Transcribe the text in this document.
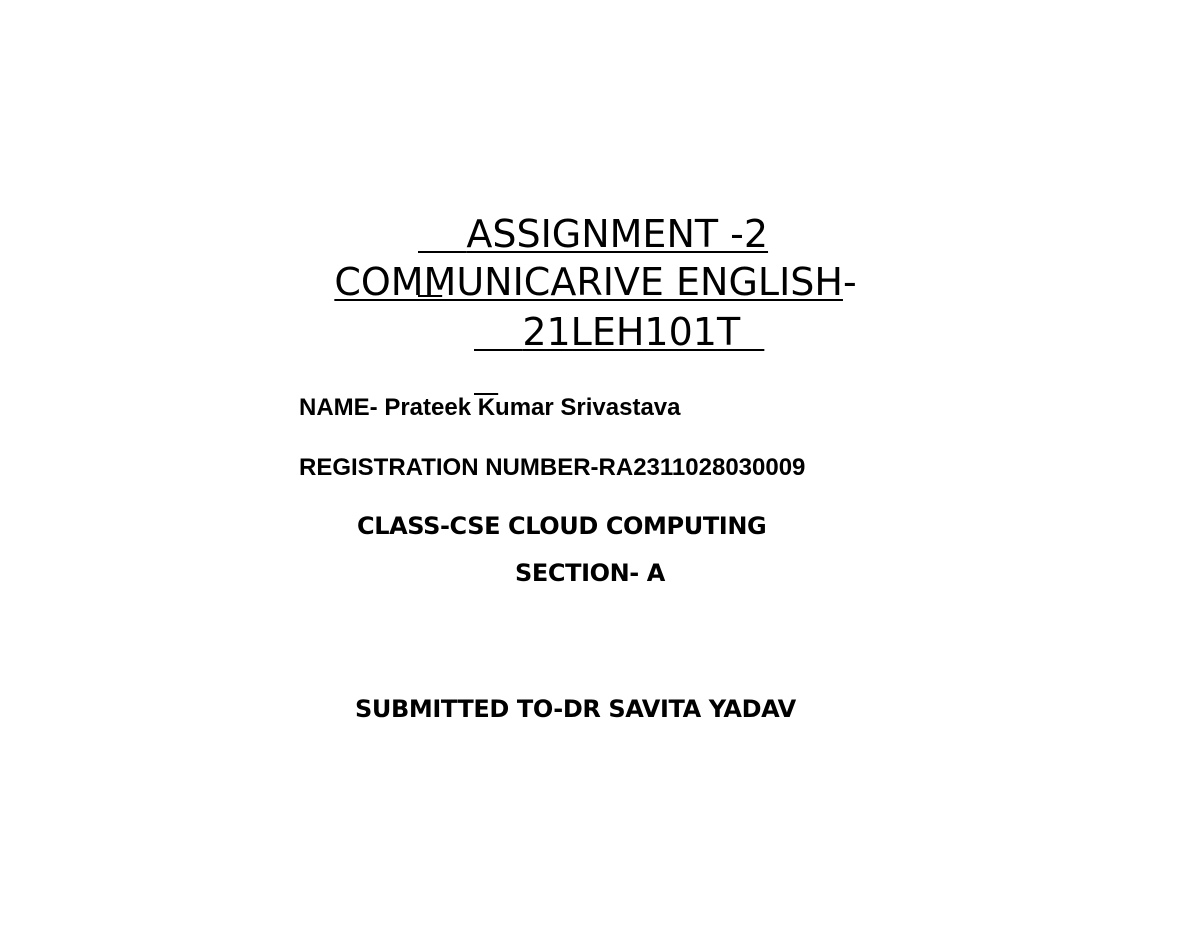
ASSIGNMENT -2

COMMUNICARIVE ENGLISH-

21LEH101T

NAME- Prateek Kumar Srivastava
REGISTRATION NUMBER-RA2311028030009
CLASS-CSE CLOUD COMPUTING
SECTION- A
SUBMITTED TO-DR SAVITA YADAV
